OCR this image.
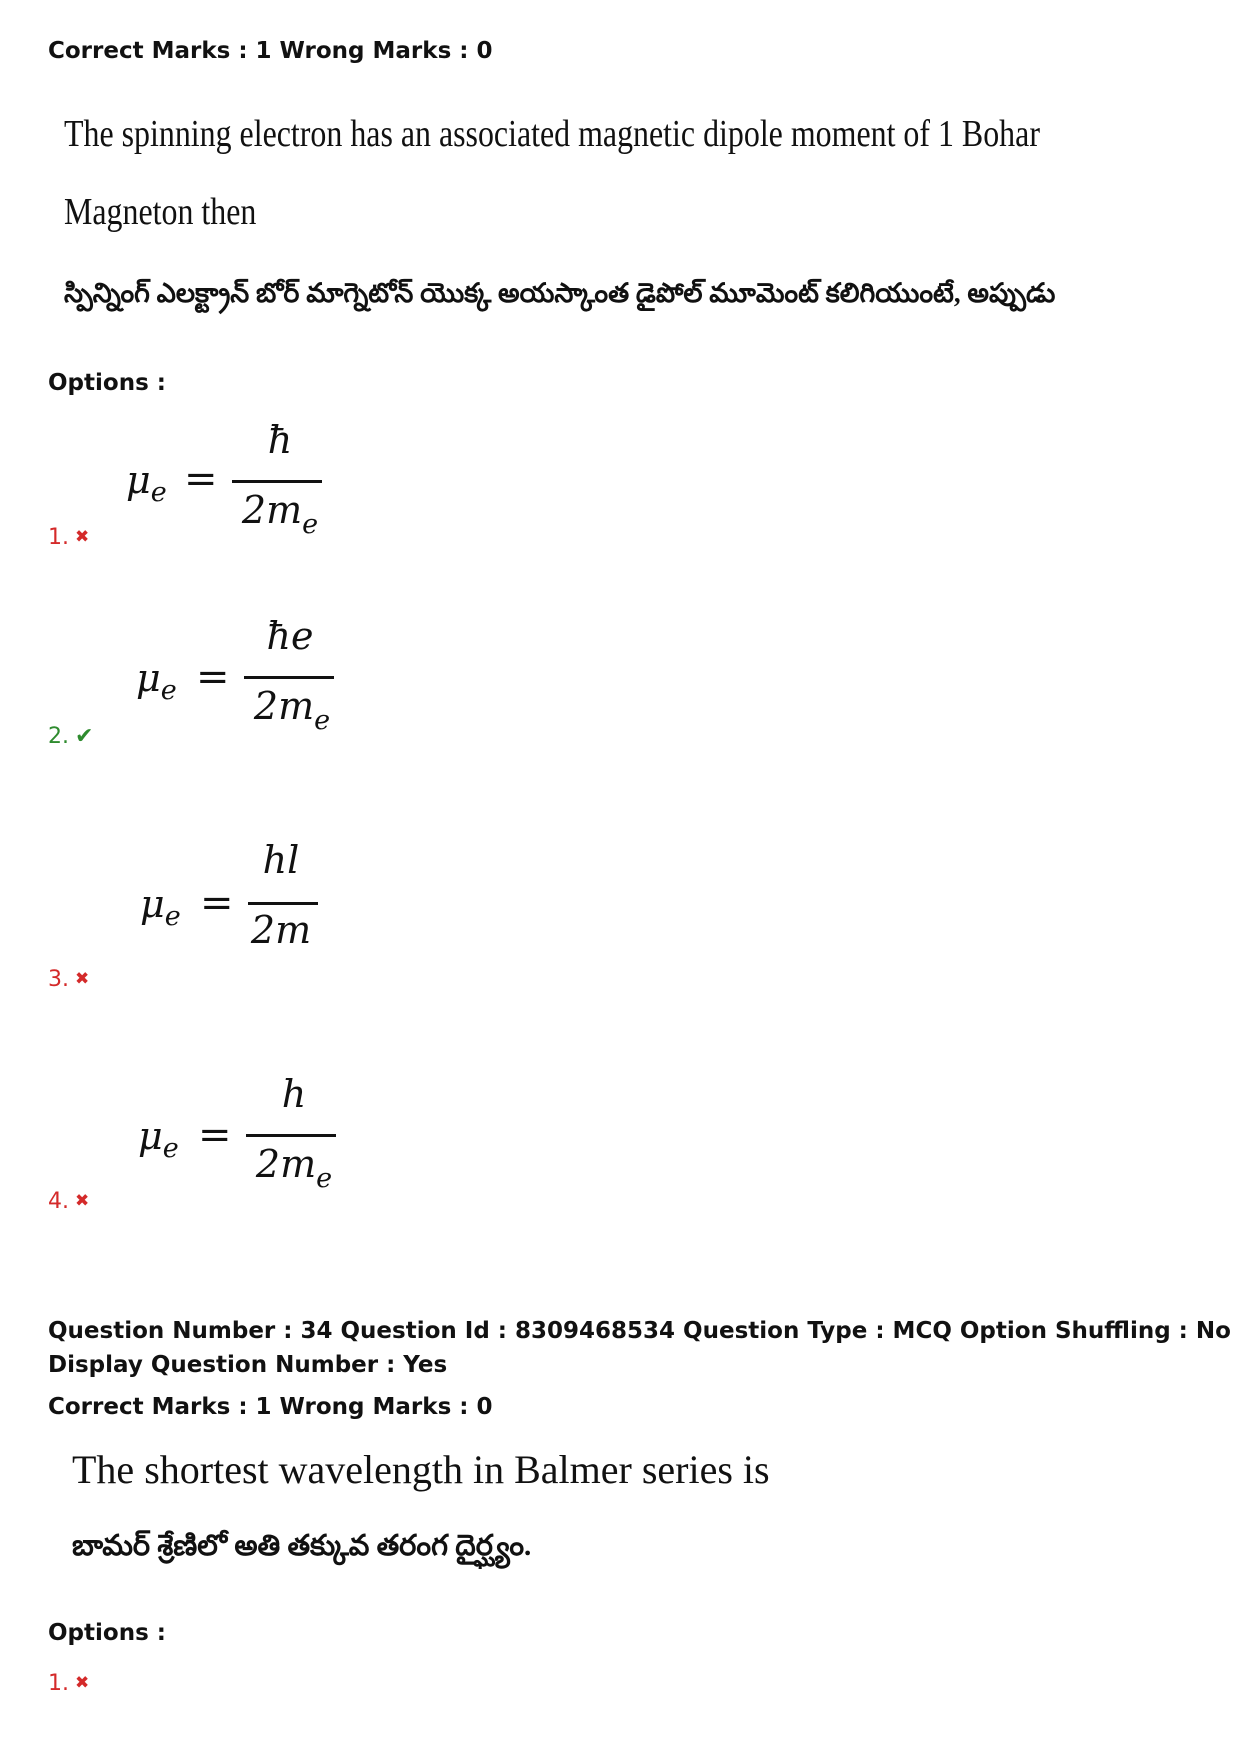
Correct Marks : 1 Wrong Marks : 0
The spinning electron has an associated magnetic dipole moment of 1 Bohar
Magneton then
స్పిన్నింగ్ ఎలక్ట్రాన్ బోర్ మాగ్నెటోన్ యొక్క అయస్కాంత డైపోల్ మూమెంట్ కలిగియుంటే, అప్పుడు
Options :
$\mu_e$ =
ħ
$2m_e$
1. ✖
$\mu_e$ =
ħe
$2m_e$
2. ✔
$\mu_e$ =
hl
2m
3. ✖
$\mu_e$ =
h
$2m_e$
4. ✖
Question Number : 34 Question Id : 8309468534 Question Type : MCQ Option Shuffling : No
Display Question Number : Yes
Correct Marks : 1 Wrong Marks : 0
The shortest wavelength in Balmer series is
బామర్ శ్రేణిలో అతి తక్కువ తరంగ దైర్ఘ్యం.
Options :
1. ✖
